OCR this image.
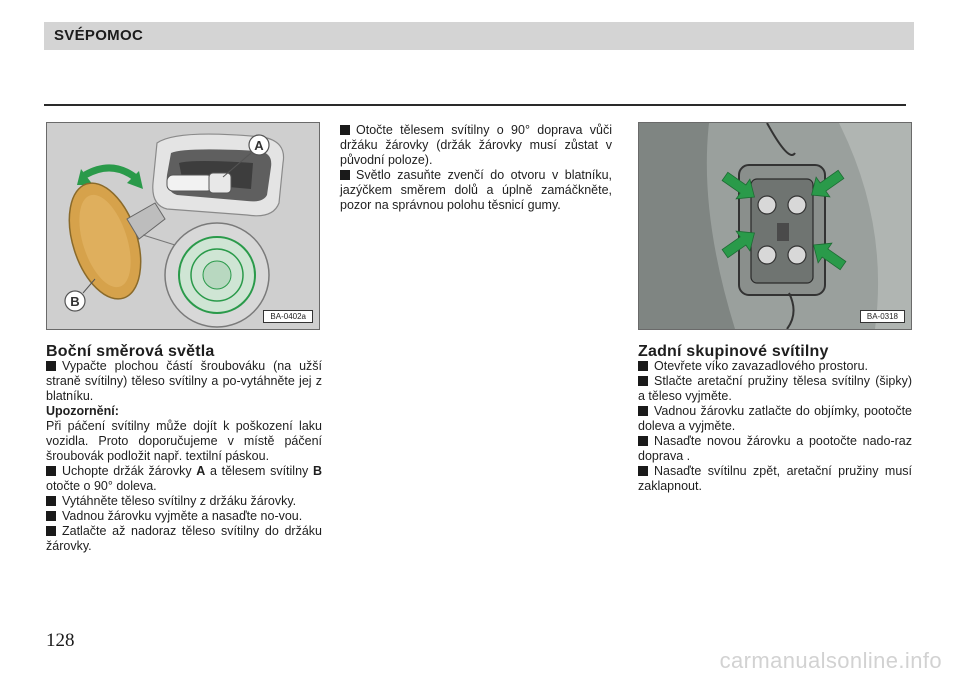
SVÉPOMOC
A
B
BA-0402a	BA-0318

Boční směrová světla

Vypačte plochou částí šroubováku (na užší straně svítilny) těleso svítilny a po-vytáhněte jej z blatníku.

Upozornění:

Při páčení svítilny může dojít k poškození laku vozidla. Proto doporučujeme v místě páčení šroubovák podložit např. textilní páskou.

Uchopte držák žárovky A a tělesem svítilny B otočte o 90° doleva.

Vytáhněte těleso svítilny z držáku žárovky.

Vadnou žárovku vyjměte a nasaďte no-vou.

Zatlačte až nadoraz těleso svítilny do držáku žárovky.

Otočte tělesem svítilny o 90° doprava vůči držáku žárovky (držák žárovky musí zůstat v původní poloze).

Světlo zasuňte zvenčí do otvoru v blatníku, jazýčkem směrem dolů a úplně zamáčkněte, pozor na správnou polohu těsnicí gumy.

Zadní skupinové svítilny

Otevřete víko zavazadlového prostoru.

Stlačte aretační pružiny tělesa svítilny (šipky) a těleso vyjměte.

Vadnou žárovku zatlačte do objímky, pootočte doleva a vyjměte.

Nasaďte novou žárovku a pootočte nado-raz doprava .

Nasaďte svítilnu zpět, aretační pružiny musí zaklapnout.

128
carmanualsonline.info
